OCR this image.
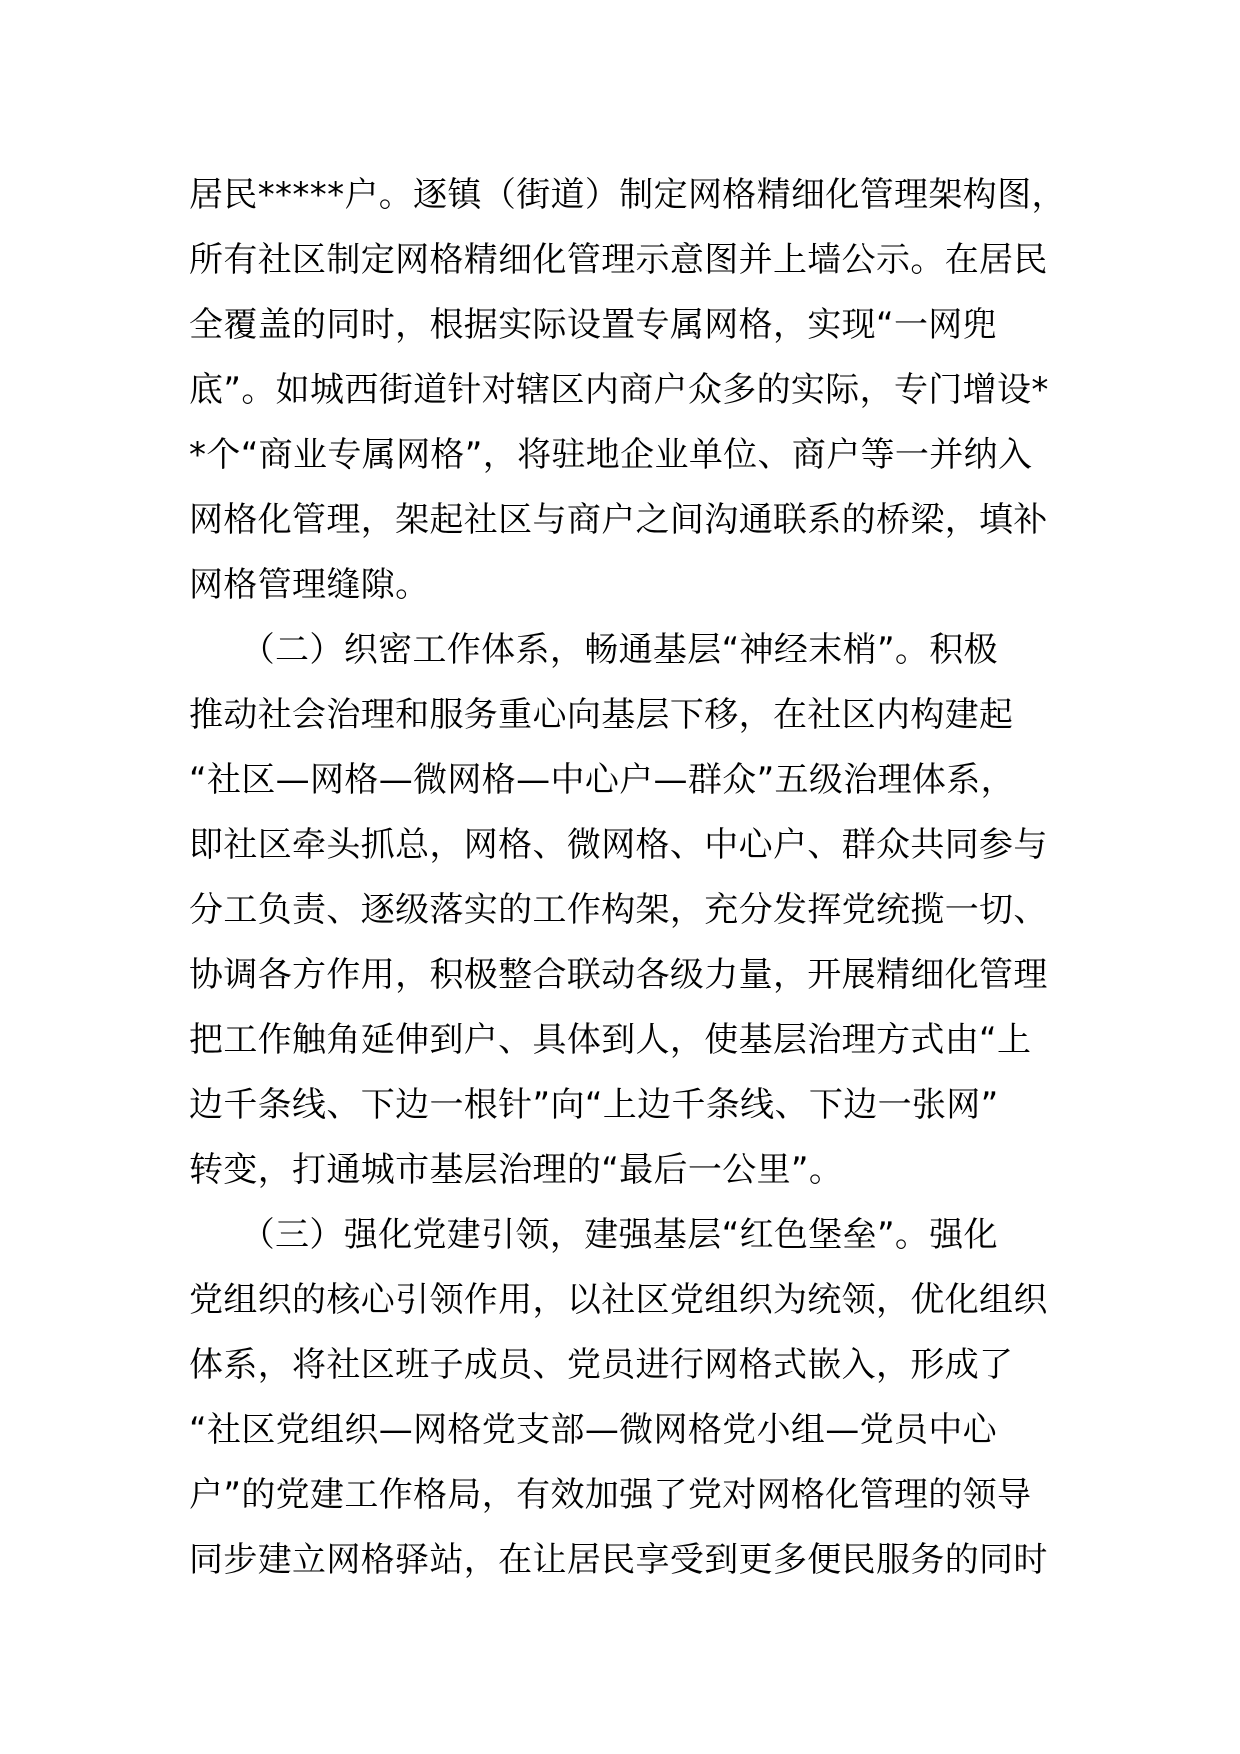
居民*****户。逐镇（街道）制定网格精细化管理架构图，
所有社区制定网格精细化管理示意图并上墙公示。在居民
全覆盖的同时，根据实际设置专属网格，实现“一网兜
底”。如城西街道针对辖区内商户众多的实际，专门增设*
*个“商业专属网格”，将驻地企业单位、商户等一并纳入
网格化管理，架起社区与商户之间沟通联系的桥梁，填补
网格管理缝隙。
　　（二）织密工作体系，畅通基层“神经末梢”。积极
推动社会治理和服务重心向基层下移，在社区内构建起
“社区—网格—微网格—中心户—群众”五级治理体系，
即社区牵头抓总，网格、微网格、中心户、群众共同参与
分工负责、逐级落实的工作构架，充分发挥党统揽一切、
协调各方作用，积极整合联动各级力量，开展精细化管理
把工作触角延伸到户、具体到人，使基层治理方式由“上
边千条线、下边一根针”向“上边千条线、下边一张网”
转变，打通城市基层治理的“最后一公里”。
　　（三）强化党建引领，建强基层“红色堡垒”。强化
党组织的核心引领作用，以社区党组织为统领，优化组织
体系，将社区班子成员、党员进行网格式嵌入，形成了
“社区党组织—网格党支部—微网格党小组—党员中心
户”的党建工作格局，有效加强了党对网格化管理的领导
同步建立网格驿站，在让居民享受到更多便民服务的同时
